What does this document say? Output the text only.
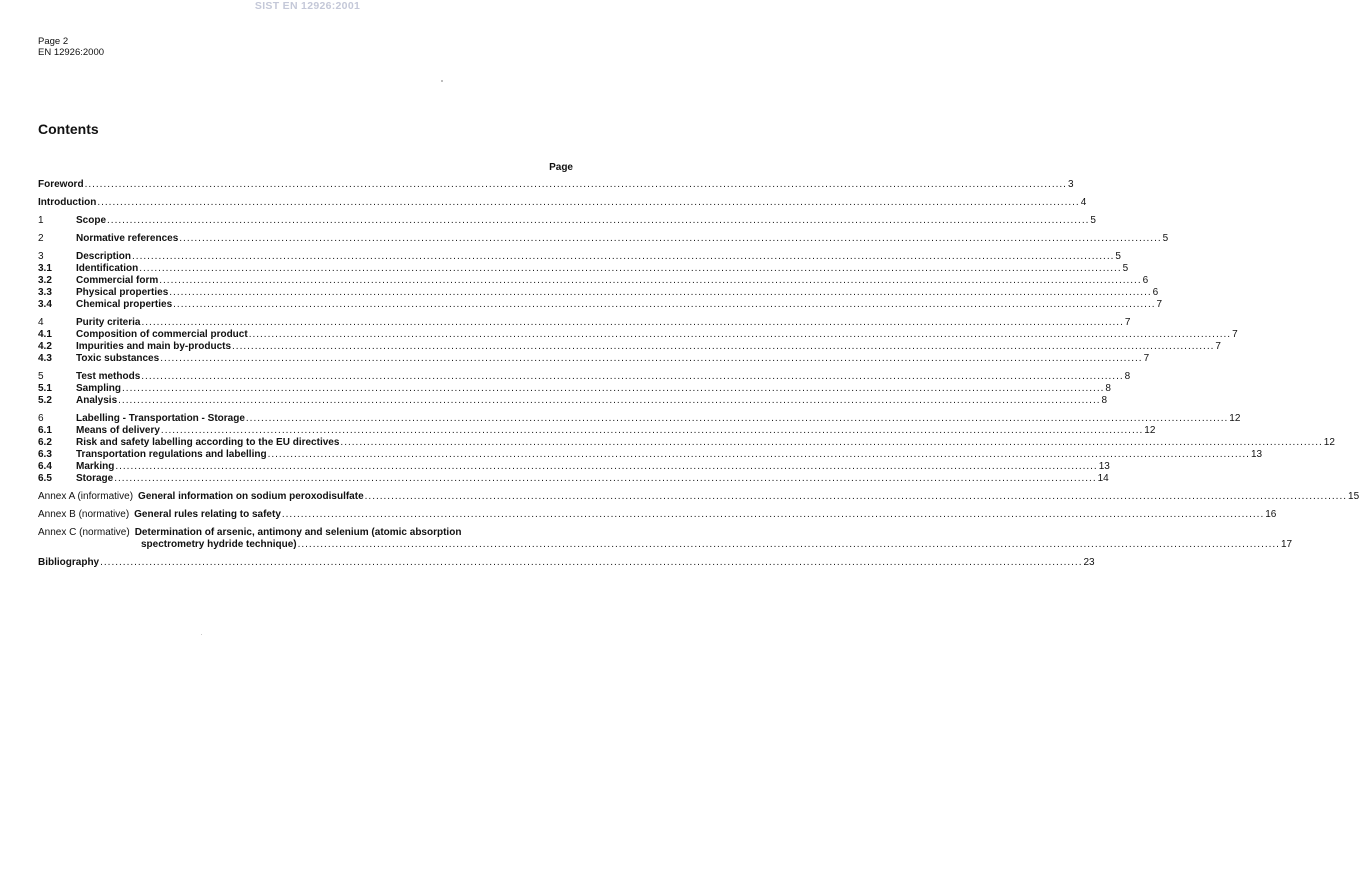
SIST EN 12926:2001
Page 2
EN 12926:2000
Contents
Page
Foreword .....	3
Introduction .....	4
1	Scope .....	5
2	Normative references .....	5
3	Description .....	5
3.1	Identification .....	5
3.2	Commercial form .....	6
3.3	Physical properties .....	6
3.4	Chemical properties .....	7
4	Purity criteria .....	7
4.1	Composition of commercial product .....	7
4.2	Impurities and main by-products .....	7
4.3	Toxic substances .....	7
5	Test methods .....	8
5.1	Sampling .....	8
5.2	Analysis .....	8
6	Labelling - Transportation - Storage .....	12
6.1	Means of delivery .....	12
6.2	Risk and safety labelling according to the EU directives .....	12
6.3	Transportation regulations and labelling .....	13
6.4	Marking .....	13
6.5	Storage .....	14
Annex A (informative) General information on sodium peroxodisulfate .....	15
Annex B (normative) General rules relating to safety .....	16
Annex C (normative) Determination of arsenic, antimony and selenium (atomic absorption
spectrometry hydride technique) .....	17
Bibliography .....	23
